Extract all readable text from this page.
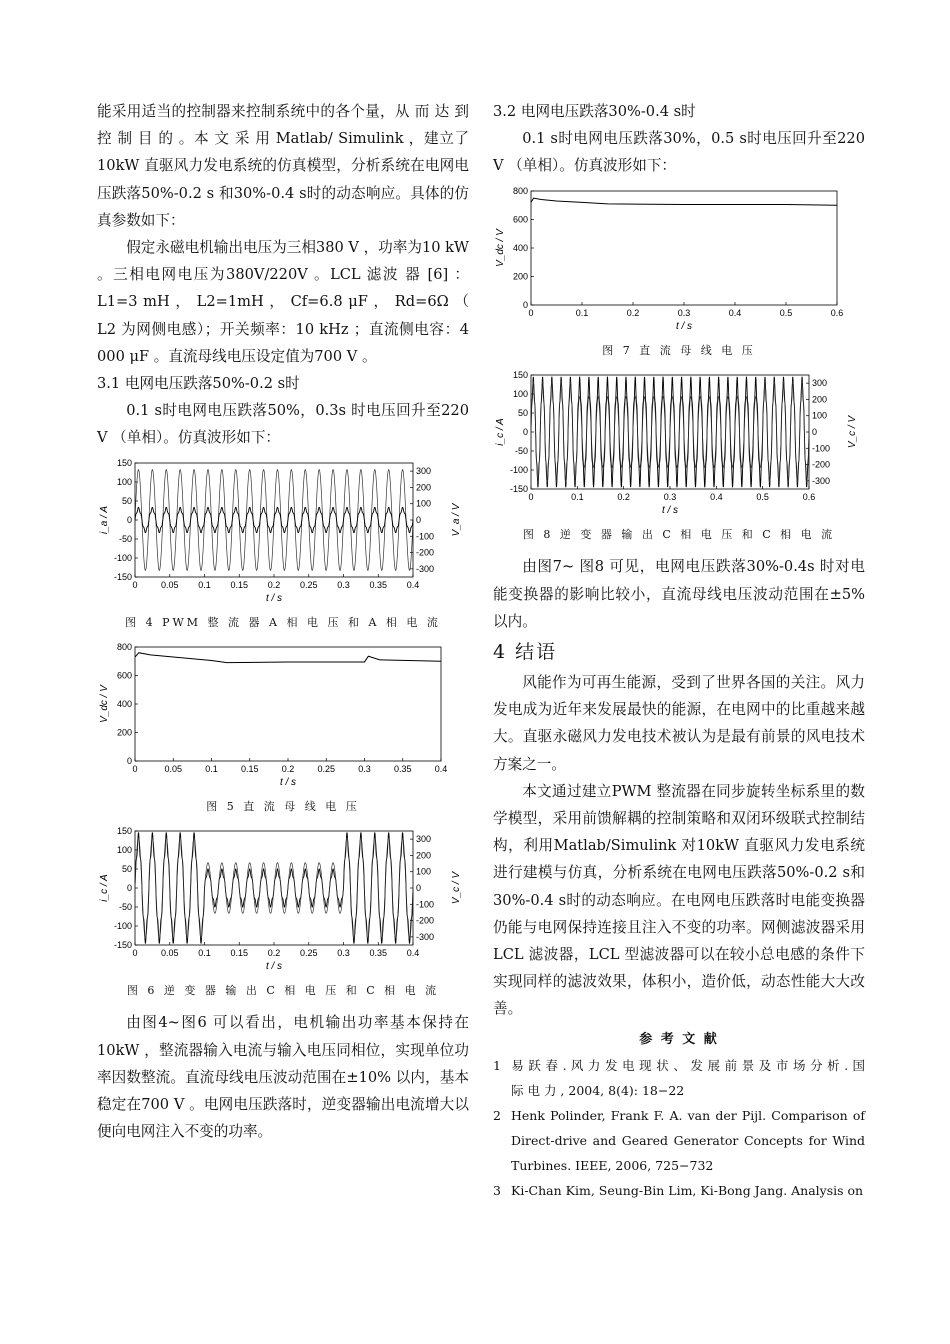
能采用适当的控制器来控制系统中的各个量，从 而 达 到 控 制 目 的 。本 文 采 用 Matlab/ Simulink ，建立了10kW 直驱风力发电系统的仿真模型，分析系统在电网电压跌落50%-0.2 s 和30%-0.4 s时的动态响应。具体的仿真参数如下：

假定永磁电机输出电压为三相380 V ，功率为10 kW 。三相电网电压为380V/220V 。LCL 滤波 器 [6] ： L1=3 mH ， L2=1mH ， Cf=6.8 μF ， Rd=6Ω （ L2 为网侧电感）；开关频率：10 kHz ；直流侧电容：4 000 μF 。直流母线电压设定值为700 V 。

3.1 电网电压跌落50%-0.2 s时

0.1 s时电网电压跌落50%，0.3s 时电压回升至220 V （单相）。仿真波形如下：

0	0.05 0.1 0.15 0.2 0.25 0.3 0.35 0.4
150
100
50
0
-50
-100
-150
t / s
i_a / A
300
200
100
0
-100
-200
-300
V_a / V
图 4 PWM 整 流 器 A 相 电 压 和 A 相 电 流
0	0.05	0.1	0.15	0.2	0.25	0.3	0.35	0.4
800
600
400
200
0
t / s
V_dc / V
图 5 直 流 母 线 电 压
0	0.05 0.1 0.15 0.2 0.25 0.3 0.35 0.4
150
100
50
0
-50
-100
-150
t / s
i_c / A
300
200
100
0
-100
-200
-300
V_c / V
图 6 逆 变 器 输 出 C 相 电 压 和 C 相 电 流

由图4~图6 可以看出，电机输出功率基本保持在10kW ，整流器输入电流与输入电压同相位，实现单位功率因数整流。直流母线电压波动范围在±10% 以内，基本稳定在700 V 。电网电压跌落时，逆变器输出电流增大以便向电网注入不变的功率。

3.2 电网电压跌落30%-0.4 s时

0.1 s时电网电压跌落30%，0.5 s时电压回升至220 V （单相）。仿真波形如下：

0	0.1	0.2	0.3	0.4	0.5	0.6
800
600
400
200
0
t / s
V_dc / V
图 7 直 流 母 线 电 压
0	0.1	0.2	0.3	0.4	0.5	0.6
150
100
50
0
-50
-100
-150
t / s
i_c / A
300
200
100
0
-100
-200
-300
V_c / V
图 8 逆 变 器 输 出 C 相 电 压 和 C 相 电 流

由图7~ 图8 可见，电网电压跌落30%-0.4s 时对电能变换器的影响比较小，直流母线电压波动范围在±5% 以内。

4 结语

风能作为可再生能源，受到了世界各国的关注。风力发电成为近年来发展最快的能源，在电网中的比重越来越大。直驱永磁风力发电技术被认为是最有前景的风电技术方案之一。

本文通过建立PWM 整流器在同步旋转坐标系里的数学模型，采用前馈解耦的控制策略和双闭环级联式控制结构，利用Matlab/Simulink 对10kW 直驱风力发电系统进行建模与仿真，分析系统在电网电压跌落50%-0.2 s和30%-0.4 s时的动态响应。在电网电压跌落时电能变换器仍能与电网保持连接且注入不变的功率。网侧滤波器采用LCL 滤波器，LCL 型滤波器可以在较小总电感的条件下实现同样的滤波效果，体积小，造价低，动态性能大大改善。

参 考 文 献
1 易 跃 春 . 风 力 发 电 现 状 、 发 展 前 景 及 市 场 分 析 . 国 际 电 力 , 2004, 8(4): 18−22
2 Henk Polinder, Frank F. A. van der Pijl. Comparison of Direct-drive and Geared Generator Concepts for Wind Turbines. IEEE, 2006, 725−732
3 Ki-Chan Kim, Seung-Bin Lim, Ki-Bong Jang. Analysis on
